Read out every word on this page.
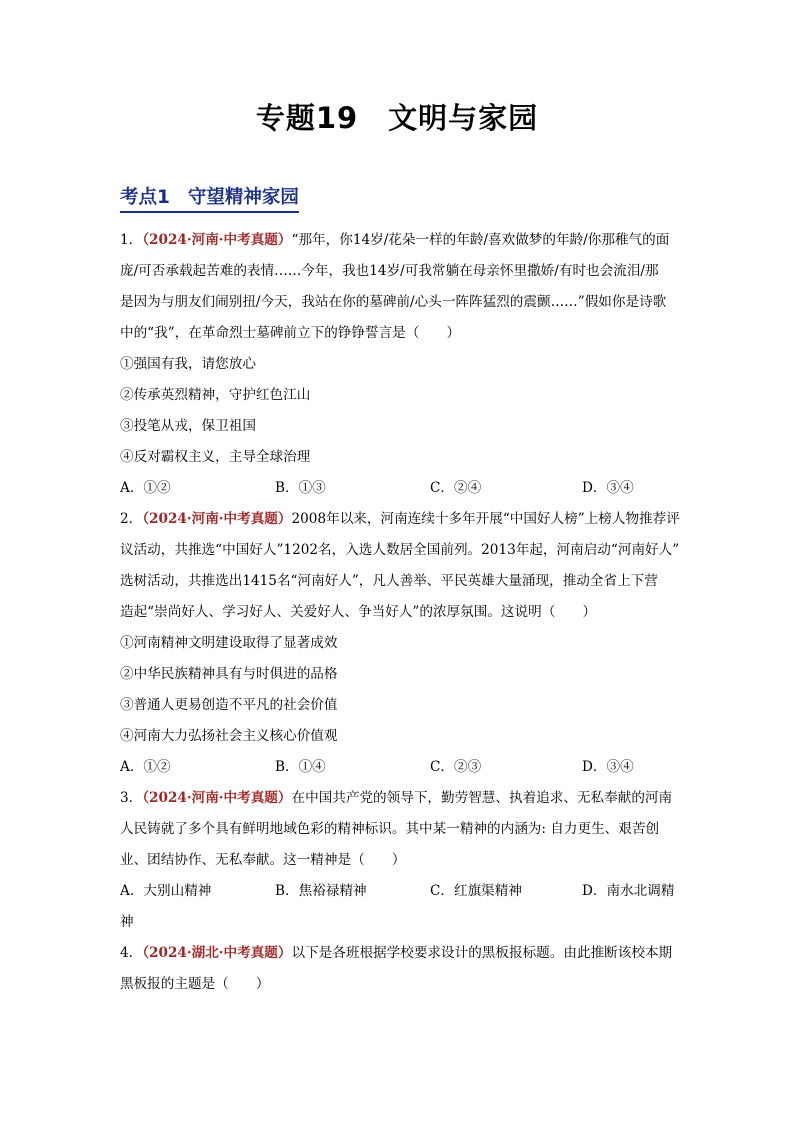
专题19 文明与家园
考点1 守望精神家园
1．（2024·河南·中考真题）“那年，你14岁/花朵一样的年龄/喜欢做梦的年龄/你那稚气的面
庞/可否承载起苦难的表情……今年，我也14岁/可我常躺在母亲怀里撒娇/有时也会流泪/那
是因为与朋友们闹别扭/今天，我站在你的墓碑前/心头一阵阵猛烈的震颤……”假如你是诗歌
中的“我”，在革命烈士墓碑前立下的铮铮誓言是（　　）
①强国有我，请您放心
②传承英烈精神，守护红色江山
③投笔从戎，保卫祖国
④反对霸权主义，主导全球治理
A．①②	B．①③	C．②④	D．③④
2．（2024·河南·中考真题）2008年以来，河南连续十多年开展“中国好人榜”上榜人物推荐评
议活动，共推选“中国好人”1202名，入选人数居全国前列。2013年起，河南启动“河南好人”
选树活动，共推选出1415名“河南好人”，凡人善举、平民英雄大量涌现，推动全省上下营
造起“崇尚好人、学习好人、关爱好人、争当好人”的浓厚氛围。这说明（　　）
①河南精神文明建设取得了显著成效
②中华民族精神具有与时俱进的品格
③普通人更易创造不平凡的社会价值
④河南大力弘扬社会主义核心价值观
A．①②	B．①④	C．②③	D．③④
3．（2024·河南·中考真题）在中国共产党的领导下，勤劳智慧、执着追求、无私奉献的河南
人民铸就了多个具有鲜明地域色彩的精神标识。其中某一精神的内涵为: 自力更生、艰苦创
业、团结协作、无私奉献。这一精神是（　　）
A．大别山精神	B．焦裕禄精神	C．红旗渠精神	D．南水北调精
神
4．（2024·湖北·中考真题）以下是各班根据学校要求设计的黑板报标题。由此推断该校本期
黑板报的主题是（　　）
